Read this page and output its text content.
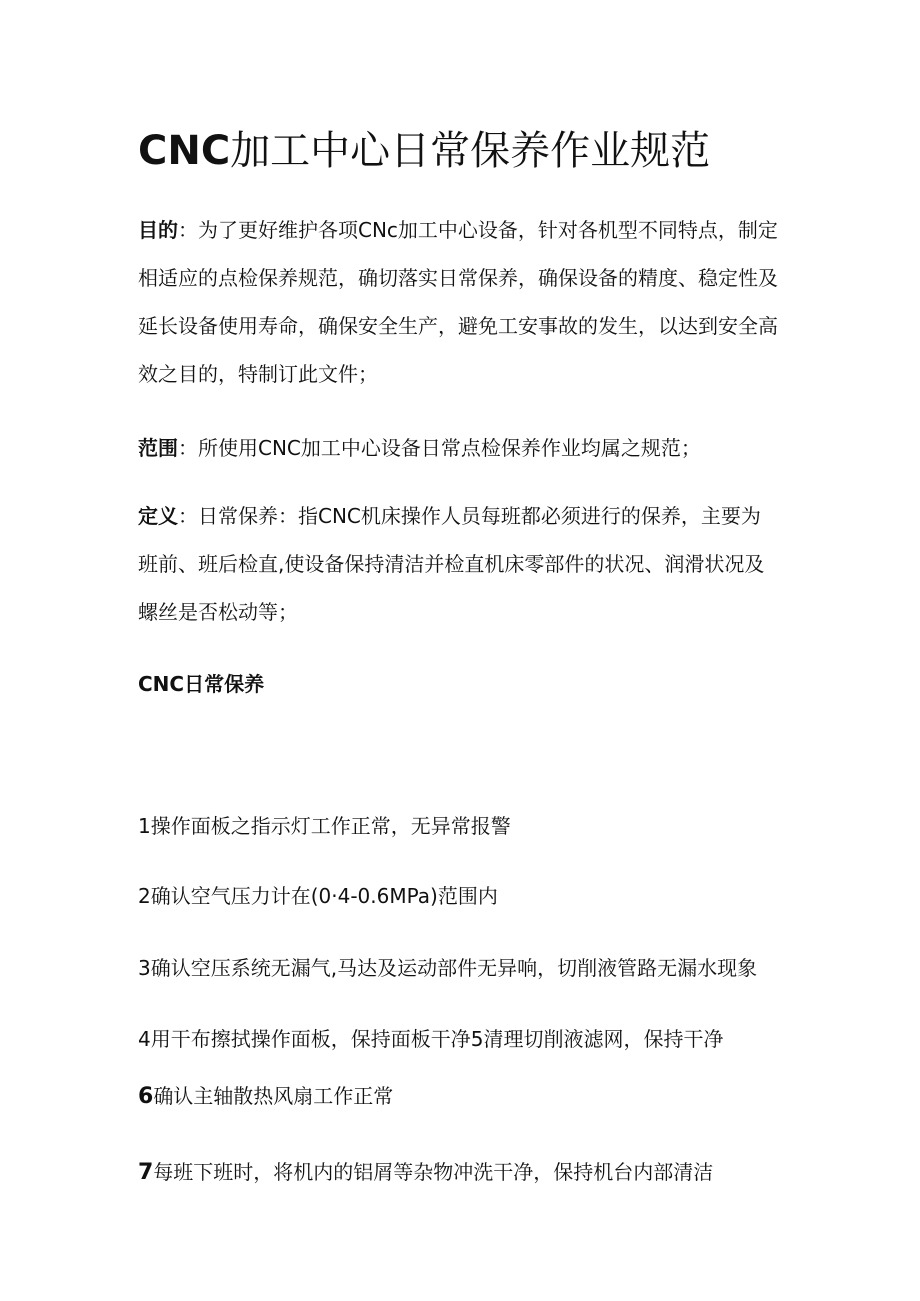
CNC加工中心日常保养作业规范
目的：为了更好维护各项CNc加工中心设备，针对各机型不同特点，制定
相适应的点检保养规范，确切落实日常保养，确保设备的精度、稳定性及
延长设备使用寿命，确保安全生产，避免工安事故的发生，以达到安全高
效之目的，特制订此文件；
范围：所使用CNC加工中心设备日常点检保养作业均属之规范；
定义：日常保养：指CNC机床操作人员每班都必须进行的保养，主要为
班前、班后检直,使设备保持清洁并检直机床零部件的状况、润滑状况及
螺丝是否松动等；
CNC日常保养
1操作面板之指示灯工作正常，无异常报警
2确认空气压力计在(0·4-0.6MPa)范围内
3确认空压系统无漏气,马达及运动部件无异响，切削液管路无漏水现象
4用干布擦拭操作面板，保持面板干净5清理切削液滤网，保持干净
6确认主轴散热风扇工作正常
7每班下班时，将机内的铝屑等杂物冲洗干净，保持机台内部清洁
